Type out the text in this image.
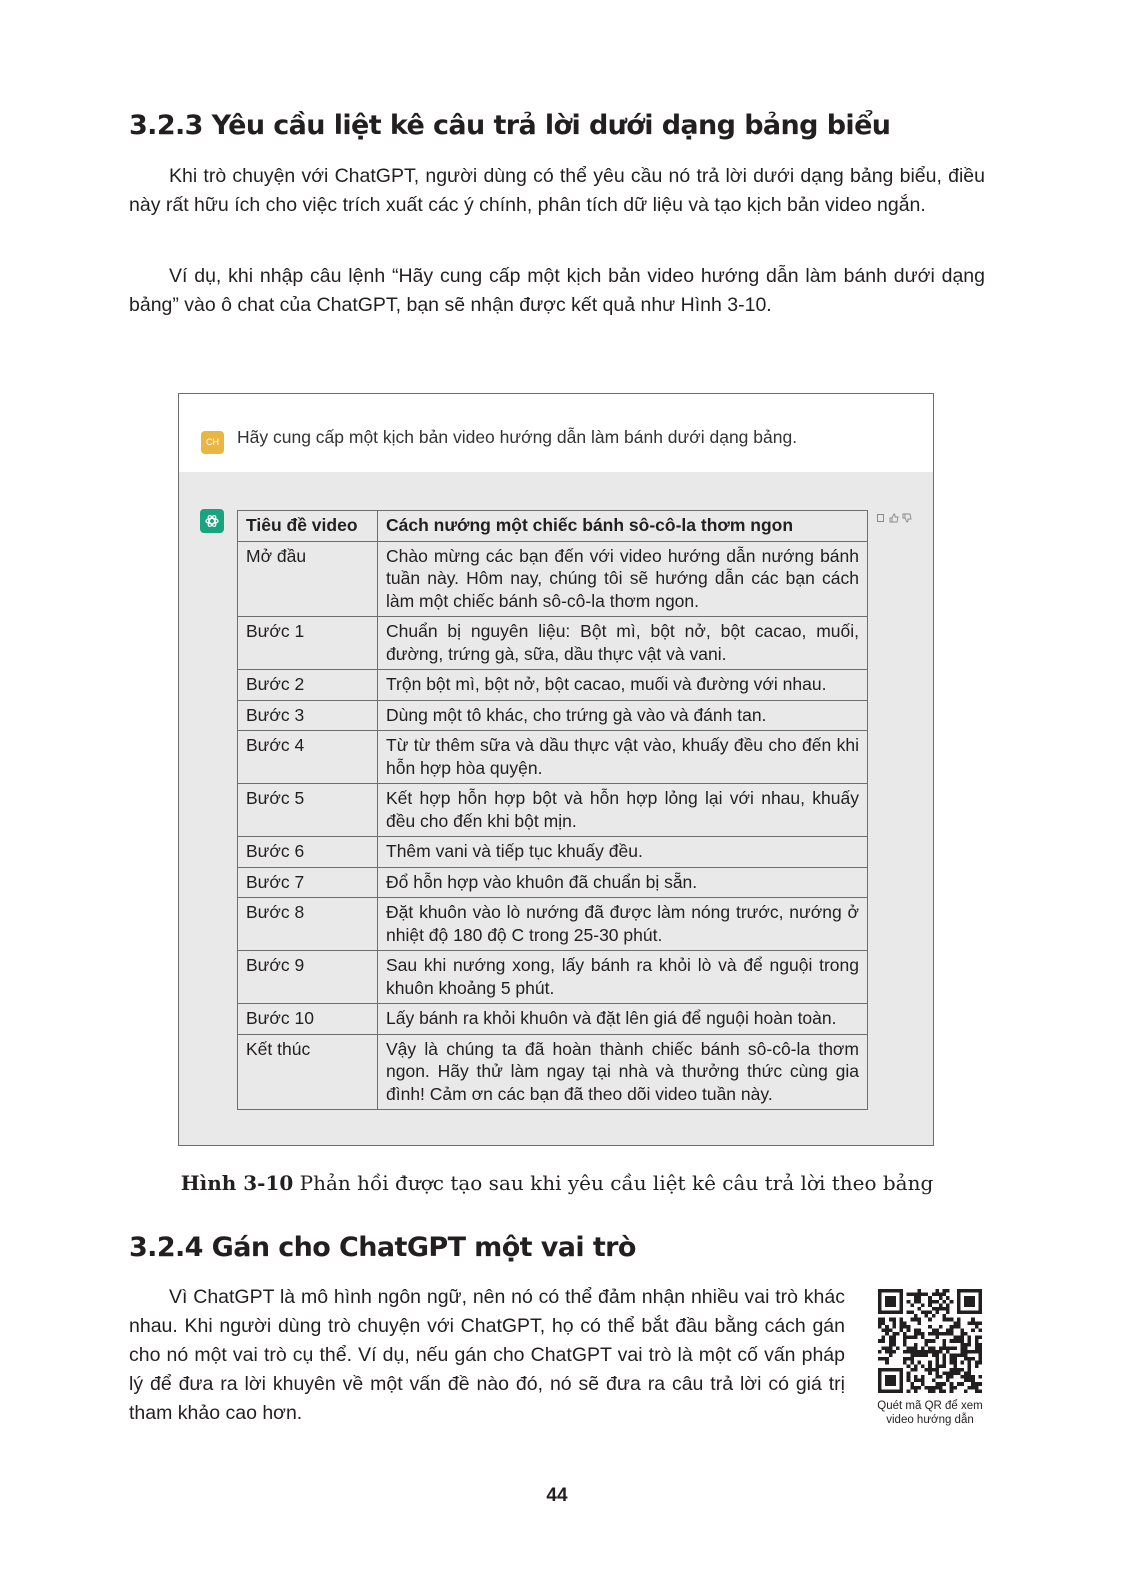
3.2.3 Yêu cầu liệt kê câu trả lời dưới dạng bảng biểu

Khi trò chuyện với ChatGPT, người dùng có thể yêu cầu nó trả lời dưới dạng bảng biểu, điều này rất hữu ích cho việc trích xuất các ý chính, phân tích dữ liệu và tạo kịch bản video ngắn.

Ví dụ, khi nhập câu lệnh “Hãy cung cấp một kịch bản video hướng dẫn làm bánh dưới dạng bảng” vào ô chat của ChatGPT, bạn sẽ nhận được kết quả như Hình 3-10.

CH Hãy cung cấp một kịch bản video hướng dẫn làm bánh dưới dạng bảng.
Tiêu đề video	Cách nướng một chiếc bánh sô-cô-la thơm ngon
Mở đầu	Chào mừng các bạn đến với video hướng dẫn nướng bánh tuần này. Hôm nay, chúng tôi sẽ hướng dẫn các bạn cách làm một chiếc bánh sô-cô-la thơm ngon.
Bước 1	Chuẩn bị nguyên liệu: Bột mì, bột nở, bột cacao, muối, đường, trứng gà, sữa, dầu thực vật và vani.
Bước 2	Trộn bột mì, bột nở, bột cacao, muối và đường với nhau.
Bước 3	Dùng một tô khác, cho trứng gà vào và đánh tan.
Bước 4	Từ từ thêm sữa và dầu thực vật vào, khuấy đều cho đến khi hỗn hợp hòa quyện.
Bước 5	Kết hợp hỗn hợp bột và hỗn hợp lỏng lại với nhau, khuấy đều cho đến khi bột mịn.
Bước 6	Thêm vani và tiếp tục khuấy đều.
Bước 7	Đổ hỗn hợp vào khuôn đã chuẩn bị sẵn.
Bước 8	Đặt khuôn vào lò nướng đã được làm nóng trước, nướng ở nhiệt độ 180 độ C trong 25-30 phút.
Bước 9	Sau khi nướng xong, lấy bánh ra khỏi lò và để nguội trong khuôn khoảng 5 phút.
Bước 10	Lấy bánh ra khỏi khuôn và đặt lên giá để nguội hoàn toàn.
Kết thúc	Vậy là chúng ta đã hoàn thành chiếc bánh sô-cô-la thơm ngon. Hãy thử làm ngay tại nhà và thưởng thức cùng gia đình! Cảm ơn các bạn đã theo dõi video tuần này.
Hình 3-10 Phản hồi được tạo sau khi yêu cầu liệt kê câu trả lời theo bảng
3.2.4 Gán cho ChatGPT một vai trò

Vì ChatGPT là mô hình ngôn ngữ, nên nó có thể đảm nhận nhiều vai trò khác nhau. Khi người dùng trò chuyện với ChatGPT, họ có thể bắt đầu bằng cách gán cho nó một vai trò cụ thể. Ví dụ, nếu gán cho ChatGPT vai trò là một cố vấn pháp lý để đưa ra lời khuyên về một vấn đề nào đó, nó sẽ đưa ra câu trả lời có giá trị tham khảo cao hơn.	Quét mã QR để xem
video hướng dẫn
44
